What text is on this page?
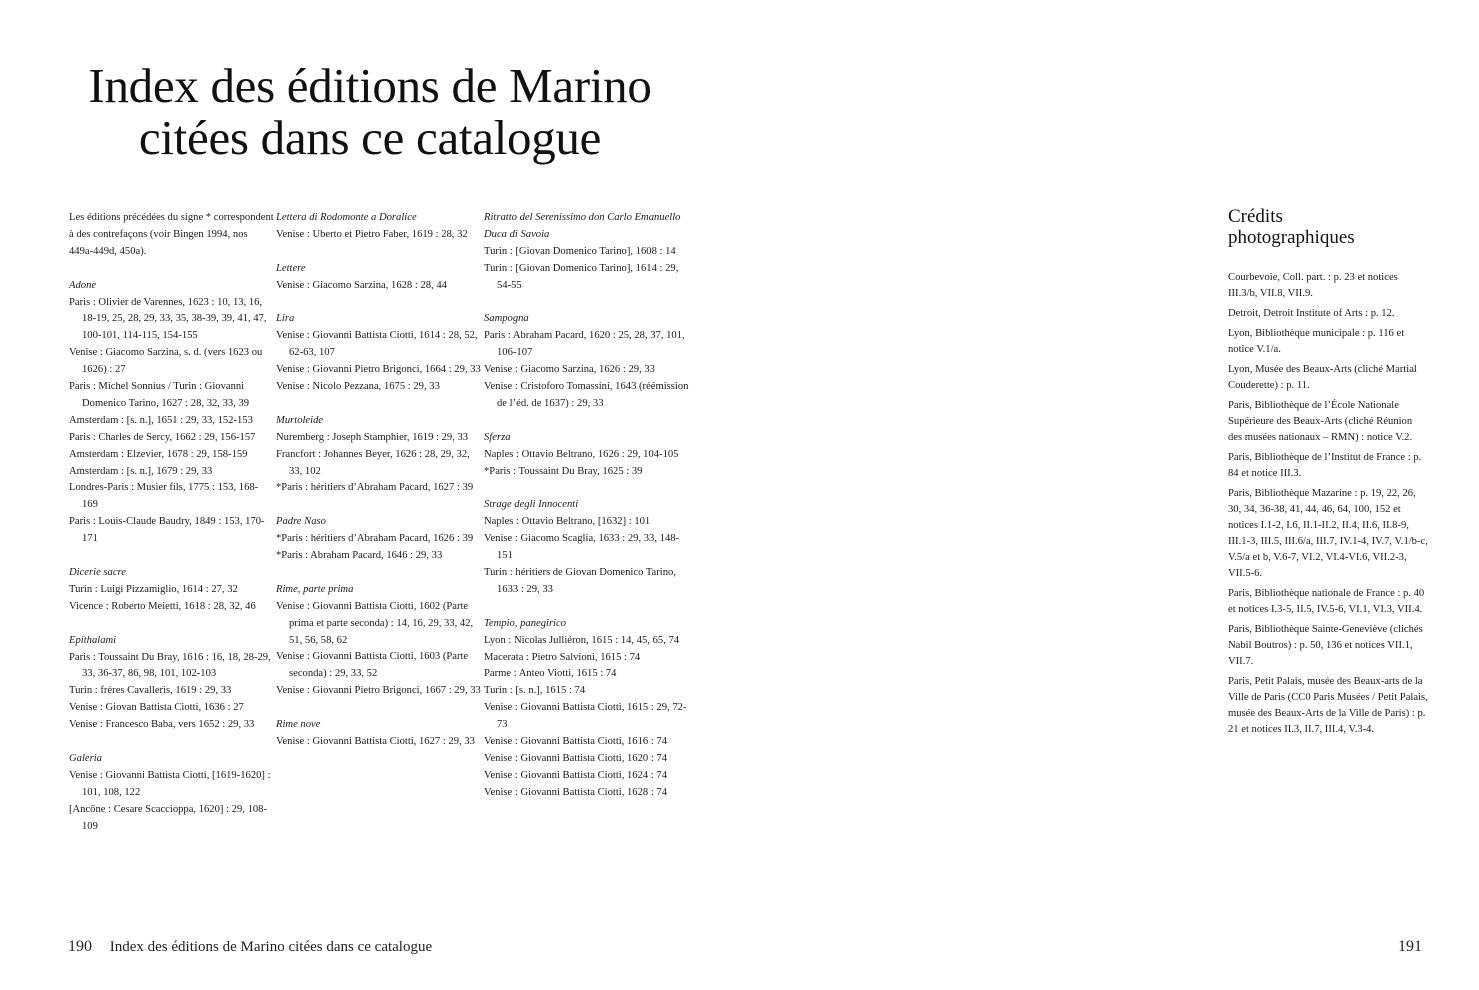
Index des éditions de Marino
citées dans ce catalogue
Les éditions précédées du signe * correspondent à des contrefaçons (voir Bingen 1994, nos 449a-449d, 450a).
Adone
Paris : Olivier de Varennes, 1623 : 10, 13, 16, 18-19, 25, 28, 29, 33, 35, 38-39, 39, 41, 47, 100-101, 114-115, 154-155
Venise : Giacomo Sarzina, s. d. (vers 1623 ou 1626) : 27
Paris : Michel Sonnius / Turin : Giovanni Domenico Tarino, 1627 : 28, 32, 33, 39
Amsterdam : [s. n.], 1651 : 29, 33, 152-153
Paris : Charles de Sercy, 1662 : 29, 156-157
Amsterdam : Elzevier, 1678 : 29, 158-159
Amsterdam : [s. n.], 1679 : 29, 33
Londres-Paris : Musier fils, 1775 : 153, 168-169
Paris : Louis-Claude Baudry, 1849 : 153, 170-171
Dicerie sacre
Turin : Luigi Pizzamiglio, 1614 : 27, 32
Vicence : Roberto Meietti, 1618 : 28, 32, 46
Epithalami
Paris : Toussaint Du Bray, 1616 : 16, 18, 28-29, 33, 36-37, 86, 98, 101, 102-103
Turin : frères Cavalleris, 1619 : 29, 33
Venise : Giovan Battista Ciotti, 1636 : 27
Venise : Francesco Baba, vers 1652 : 29, 33
Galeria
Venise : Giovanni Battista Ciotti, [1619-1620] : 101, 108, 122
[Ancône : Cesare Scaccioppa, 1620] : 29, 108-109
Lettera di Rodomonte a Doralice
Venise : Uberto et Pietro Faber, 1619 : 28, 32
Lettere
Venise : Giacomo Sarzina, 1628 : 28, 44
Lira
Venise : Giovanni Battista Ciotti, 1614 : 28, 52, 62-63, 107
Venise : Giovanni Pietro Brigonci, 1664 : 29, 33
Venise : Nicolo Pezzana, 1675 : 29, 33
Murtoleide
Nuremberg : Joseph Stamphier, 1619 : 29, 33
Francfort : Johannes Beyer, 1626 : 28, 29, 32, 33, 102
*Paris : héritiers d’Abraham Pacard, 1627 : 39
Padre Naso
*Paris : héritiers d’Abraham Pacard, 1626 : 39
*Paris : Abraham Pacard, 1646 : 29, 33
Rime, parte prima
Venise : Giovanni Battista Ciotti, 1602 (Parte prima et parte seconda) : 14, 16, 29, 33, 42, 51, 56, 58, 62
Venise : Giovanni Battista Ciotti, 1603 (Parte seconda) : 29, 33, 52
Venise : Giovanni Pietro Brigonci, 1667 : 29, 33
Rime nove
Venise : Giovanni Battista Ciotti, 1627 : 29, 33
Ritratto del Serenissimo don Carlo Emanuello Duca di Savoia
Turin : [Giovan Domenico Tarino], 1608 : 14
Turin : [Giovan Domenico Tarino], 1614 : 29, 54-55
Sampogna
Paris : Abraham Pacard, 1620 : 25, 28, 37, 101, 106-107
Venise : Giacomo Sarzina, 1626 : 29, 33
Venise : Cristoforo Tomassini, 1643 (réémission de l’éd. de 1637) : 29, 33
Sferza
Naples : Ottavio Beltrano, 1626 : 29, 104-105
*Paris : Toussaint Du Bray, 1625 : 39
Strage degli Innocenti
Naples : Ottavio Beltrano, [1632] : 101
Venise : Giacomo Scaglia, 1633 : 29, 33, 148-151
Turin : héritiers de Giovan Domenico Tarino, 1633 : 29, 33
Tempio, panegirico
Lyon : Nicolas Julliéron, 1615 : 14, 45, 65, 74
Macerata : Pietro Salvioni, 1615 : 74
Parme : Anteo Viotti, 1615 : 74
Turin : [s. n.], 1615 : 74
Venise : Giovanni Battista Ciotti, 1615 : 29, 72-73
Venise : Giovanni Battista Ciotti, 1616 : 74
Venise : Giovanni Battista Ciotti, 1620 : 74
Venise : Giovanni Battista Ciotti, 1624 : 74
Venise : Giovanni Battista Ciotti, 1628 : 74
Crédits
photographiques
Courbevoie, Coll. part. : p. 23 et notices III.3/b, VII.8, VII.9.
Detroit, Detroit Institute of Arts : p. 12.
Lyon, Bibliothèque municipale : p. 116 et notice V.1/a.
Lyon, Musée des Beaux-Arts (cliché Martial Couderette) : p. 11.
Paris, Bibliothèque de l’École Nationale Supérieure des Beaux-Arts (cliché Réunion des musées nationaux – RMN) : notice V.2.
Paris, Bibliothèque de l’Institut de France : p. 84 et notice III.3.
Paris, Bibliothèque Mazarine : p. 19, 22, 26, 30, 34, 36-38, 41, 44, 46, 64, 100, 152 et notices I.1-2, I.6, II.1-II.2, II.4, II.6, II.8-9, III.1-3, III.5, III.6/a, III.7, IV.1-4, IV.7, V.1/b-c, V.5/a et b, V.6-7, VI.2, VI.4-VI.6, VII.2-3, VII.5-6.
Paris, Bibliothèque nationale de France : p. 40 et notices I.3-5, II.5, IV.5-6, VI.1, VI.3, VII.4.
Paris, Bibliothèque Sainte-Geneviève (clichés Nabil Boutros) : p. 50, 136 et notices VII.1, VII.7.
Paris, Petit Palais, musée des Beaux-arts de la Ville de Paris (CC0 Paris Musées / Petit Palais, musée des Beaux-Arts de la Ville de Paris) : p. 21 et notices II.3, II.7, III.4, V.3-4.
190 Index des éditions de Marino citées dans ce catalogue	191
